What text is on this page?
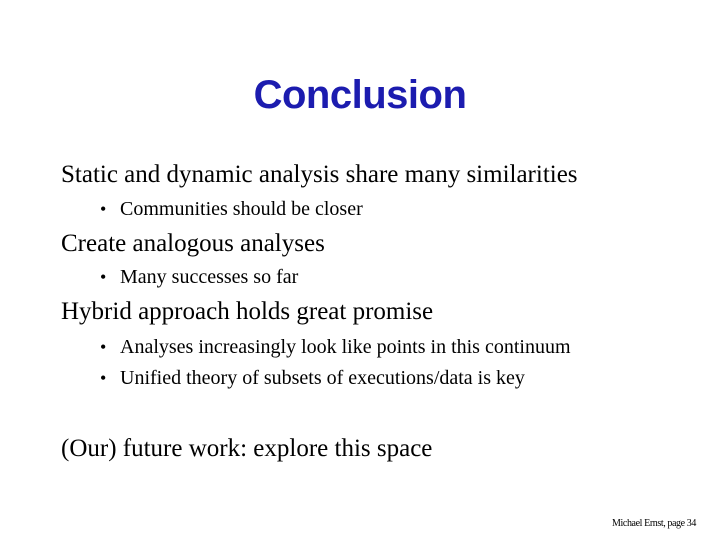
Conclusion
Static and dynamic analysis share many similarities
• Communities should be closer
Create analogous analyses
• Many successes so far
Hybrid approach holds great promise
• Analyses increasingly look like points in this continuum
• Unified theory of subsets of executions/data is key
(Our) future work: explore this space
Michael Ernst, page 34
